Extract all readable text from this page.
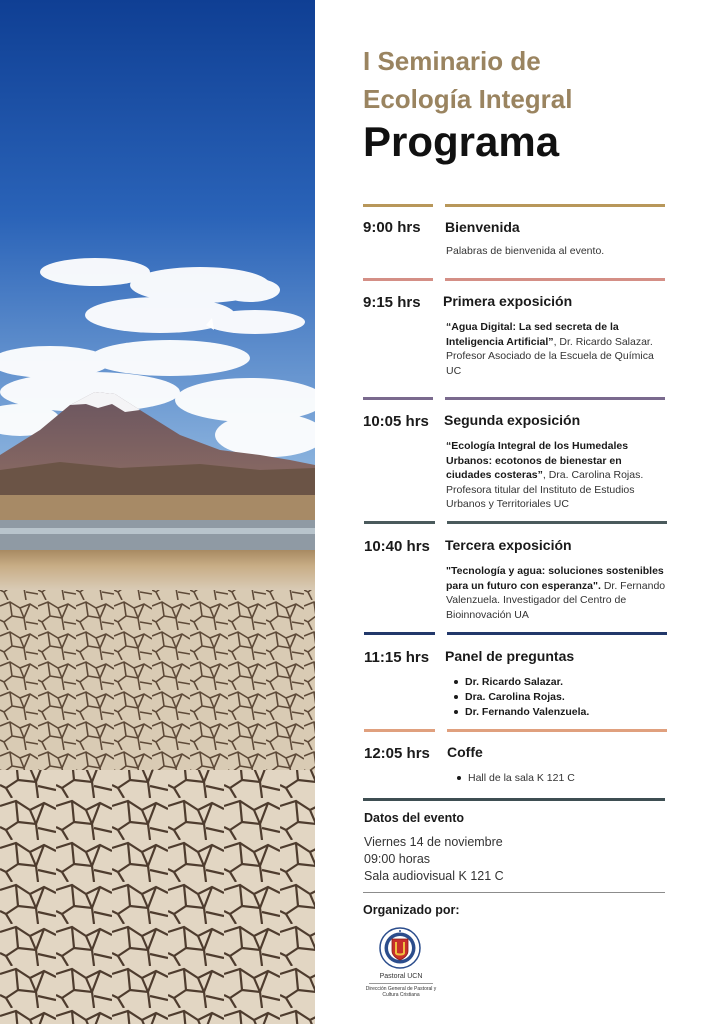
I Seminario de
Ecología Integral
Programa
9:00 hrs Bienvenida
Palabras de bienvenida al evento.
9:15 hrs Primera exposición
“Agua Digital: La sed secreta de la Inteligencia Artificial”, Dr. Ricardo Salazar. Profesor Asociado de la Escuela de Química UC
10:05 hrs Segunda exposición
“Ecología Integral de los Humedales Urbanos: ecotonos de bienestar en ciudades costeras”, Dra. Carolina Rojas. Profesora titular del Instituto de Estudios Urbanos y Territoriales UC
10:40 hrs Tercera exposición
"Tecnología y agua: soluciones sostenibles para un futuro con esperanza". Dr. Fernando Valenzuela. Investigador del Centro de Bioinnovación UA
11:15 hrs Panel de preguntas
Dr. Ricardo Salazar.
Dra. Carolina Rojas.
Dr. Fernando Valenzuela.
12:05 hrs Coffe
Hall de la sala K 121 C
Datos del evento
Viernes 14 de noviembre
09:00 horas
Sala audiovisual K 121 C
Organizado por:
Pastoral UCN
Dirección General de Pastoral y Cultura Cristiana
